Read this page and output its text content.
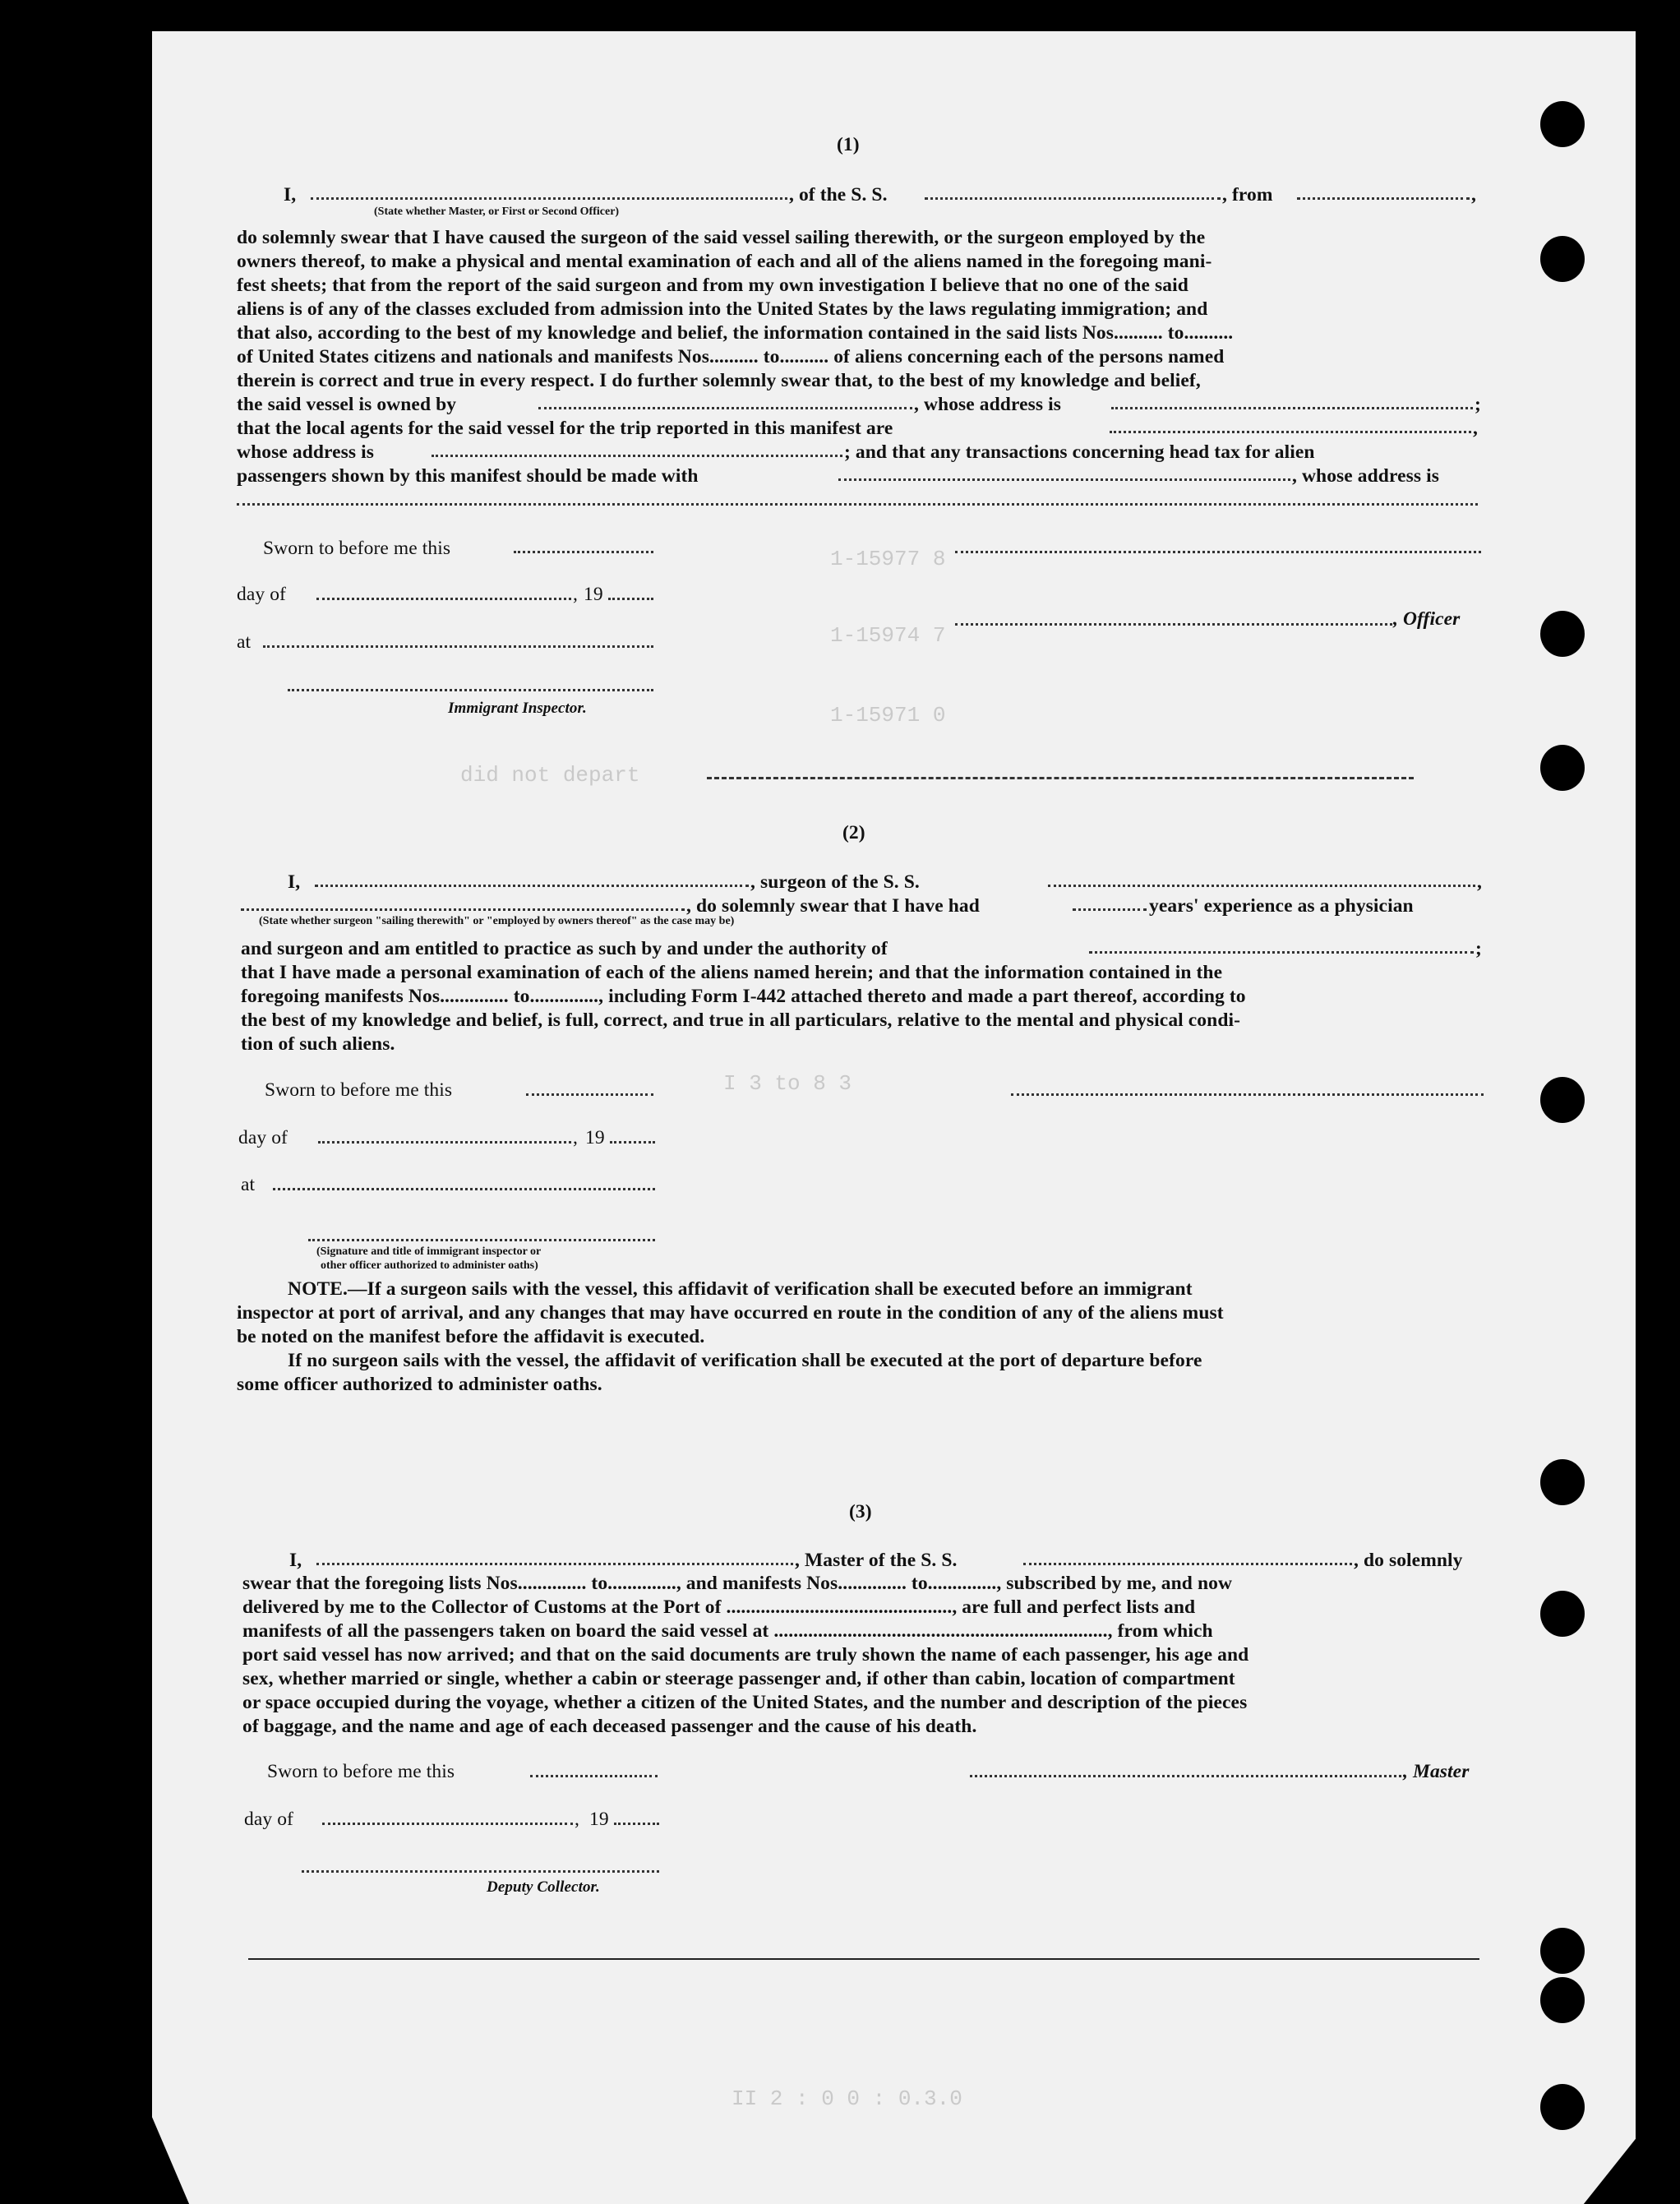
1-15977 8
1-15974 7
1-15971 0
did not depart
I 3 to 8 3
II 2 : 0 0 : 0.3.0
(1)
I,	, of the S. S.	, from	,
(State whether Master, or First or Second Officer)
do solemnly swear that I have caused the surgeon of the said vessel sailing therewith, or the surgeon employed by the
owners thereof, to make a physical and mental examination of each and all of the aliens named in the foregoing mani-
fest sheets; that from the report of the said surgeon and from my own investigation I believe that no one of the said
aliens is of any of the classes excluded from admission into the United States by the laws regulating immigration; and
that also, according to the best of my knowledge and belief, the information contained in the said lists Nos.......... to..........
of United States citizens and nationals and manifests Nos.......... to.......... of aliens concerning each of the persons named
therein is correct and true in every respect. I do further solemnly swear that, to the best of my knowledge and belief,
the said vessel is owned by	, whose address is	;
that the local agents for the said vessel for the trip reported in this manifest are	,
whose address is	; and that any transactions concerning head tax for alien
passengers shown by this manifest should be made with	, whose address is
Sworn to before me this
day of	, 19
at
Immigrant Inspector.
, Officer
(2)
I,	, surgeon of the S. S.	,
, do solemnly swear that I have had	years' experience as a physician
(State whether surgeon "sailing therewith" or "employed by owners thereof" as the case may be)
and surgeon and am entitled to practice as such by and under the authority of	;
that I have made a personal examination of each of the aliens named herein; and that the information contained in the
foregoing manifests Nos.............. to.............., including Form I-442 attached thereto and made a part thereof, according to
the best of my knowledge and belief, is full, correct, and true in all particulars, relative to the mental and physical condi-
tion of such aliens.
Sworn to before me this
day of	, 19
at
(Signature and title of immigrant inspector or
other officer authorized to administer oaths)
NOTE.—If a surgeon sails with the vessel, this affidavit of verification shall be executed before an immigrant
inspector at port of arrival, and any changes that may have occurred en route in the condition of any of the aliens must
be noted on the manifest before the affidavit is executed.
If no surgeon sails with the vessel, the affidavit of verification shall be executed at the port of departure before
some officer authorized to administer oaths.
(3)
I,	, Master of the S. S.	, do solemnly
swear that the foregoing lists Nos.............. to.............., and manifests Nos.............. to.............., subscribed by me, and now
delivered by me to the Collector of Customs at the Port of .............................................., are full and perfect lists and
manifests of all the passengers taken on board the said vessel at ...................................................................., from which
port said vessel has now arrived; and that on the said documents are truly shown the name of each passenger, his age and
sex, whether married or single, whether a cabin or steerage passenger and, if other than cabin, location of compartment
or space occupied during the voyage, whether a citizen of the United States, and the number and description of the pieces
of baggage, and the name and age of each deceased passenger and the cause of his death.
Sworn to before me this	, Master
day of	, 19
Deputy Collector.
